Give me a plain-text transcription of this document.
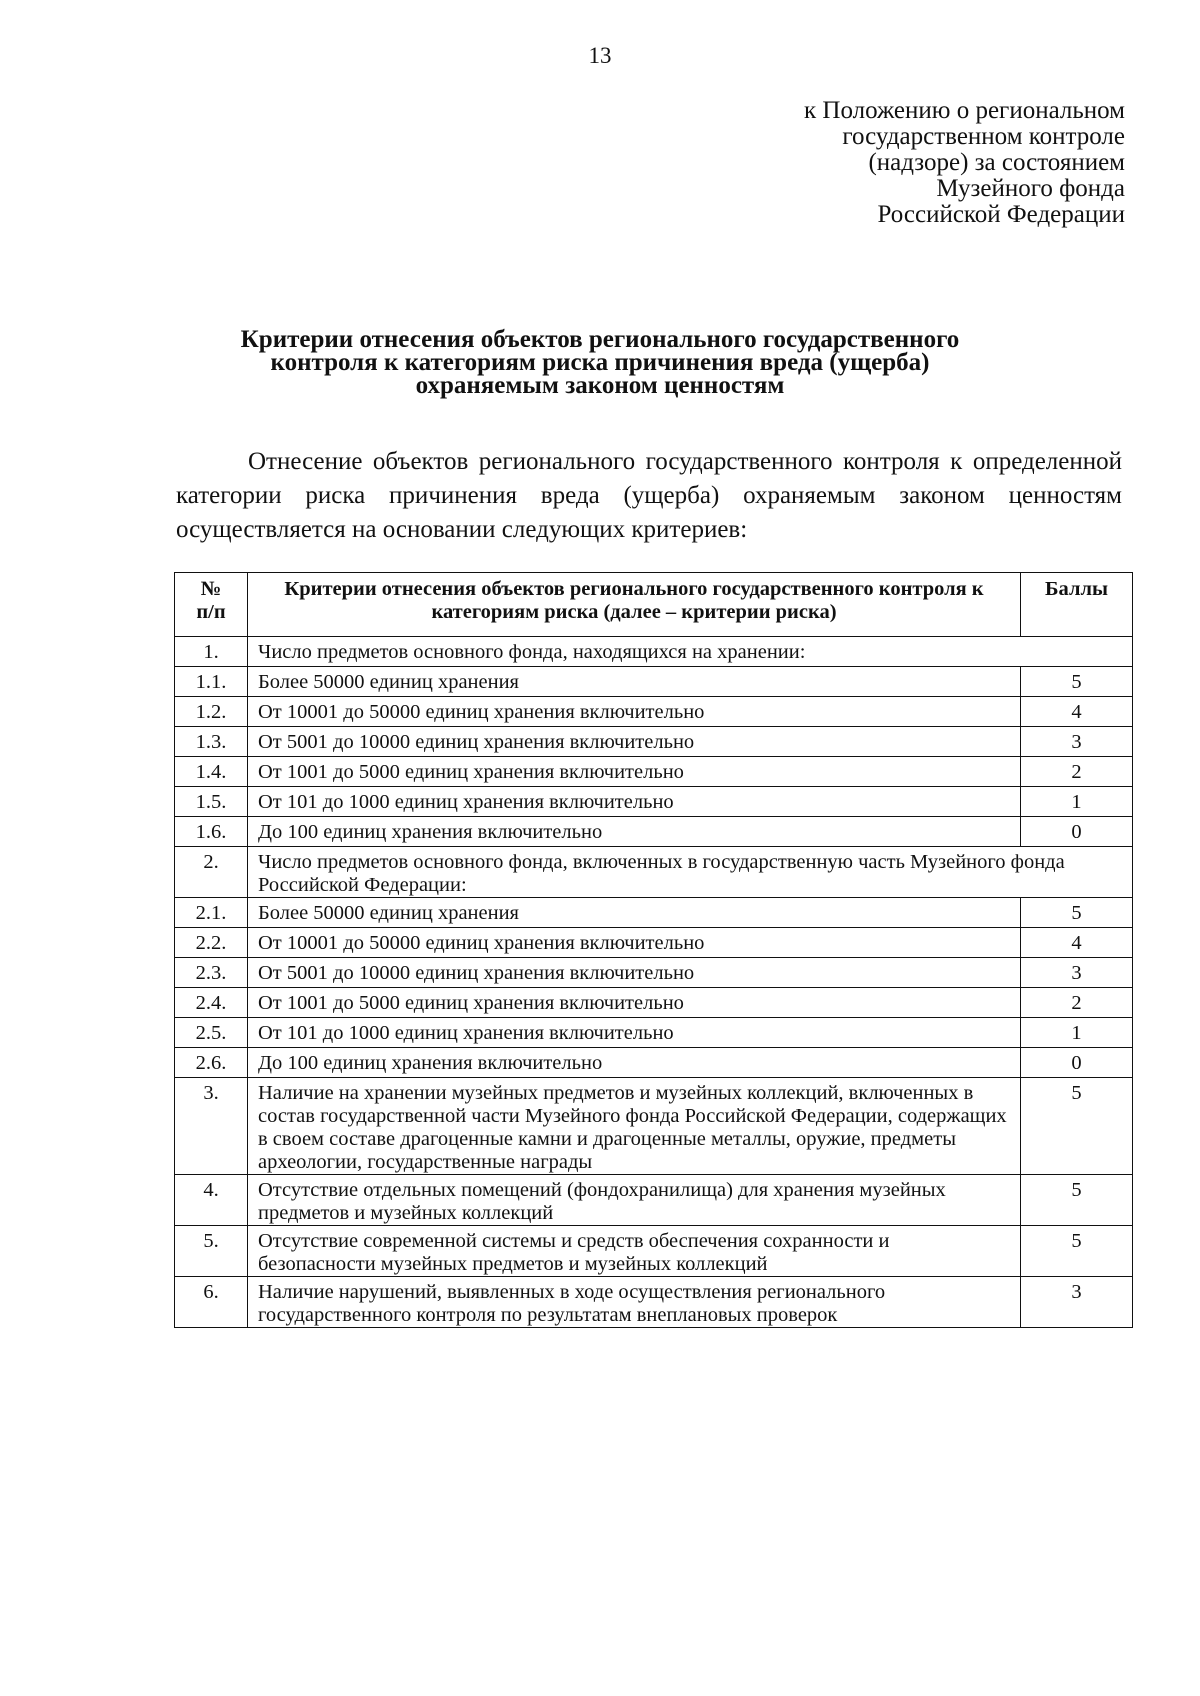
13
к Положению о региональном
государственном контроле
(надзоре) за состоянием
Музейного фонда
Российской Федерации
Критерии отнесения объектов регионального государственного
контроля к категориям риска причинения вреда (ущерба)
охраняемым законом ценностям
Отнесение объектов регионального государственного контроля к определенной категории риска причинения вреда (ущерба) охраняемым законом ценностям осуществляется на основании следующих критериев:
№
п/п	Критерии отнесения объектов регионального государственного контроля к категориям риска (далее – критерии риска)	Баллы
1.	Число предметов основного фонда, находящихся на хранении:	
1.1.	Более 50000 единиц хранения	5
1.2.	От 10001 до 50000 единиц хранения включительно	4
1.3.	От 5001 до 10000 единиц хранения включительно	3
1.4.	От 1001 до 5000 единиц хранения включительно	2
1.5.	От 101 до 1000 единиц хранения включительно	1
1.6.	До 100 единиц хранения включительно	0
2.	Число предметов основного фонда, включенных в государственную часть Музейного фонда Российской Федерации:	
2.1.	Более 50000 единиц хранения	5
2.2.	От 10001 до 50000 единиц хранения включительно	4
2.3.	От 5001 до 10000 единиц хранения включительно	3
2.4.	От 1001 до 5000 единиц хранения включительно	2
2.5.	От 101 до 1000 единиц хранения включительно	1
2.6.	До 100 единиц хранения включительно	0
3.	Наличие на хранении музейных предметов и музейных коллекций, включенных в состав государственной части Музейного фонда Российской Федерации, содержащих в своем составе драгоценные камни и драгоценные металлы, оружие, предметы археологии, государственные награды	5
4.	Отсутствие отдельных помещений (фондохранилища) для хранения музейных предметов и музейных коллекций	5
5.	Отсутствие современной системы и средств обеспечения сохранности и безопасности музейных предметов и музейных коллекций	5
6.	Наличие нарушений, выявленных в ходе осуществления регионального государственного контроля по результатам внеплановых проверок	3
